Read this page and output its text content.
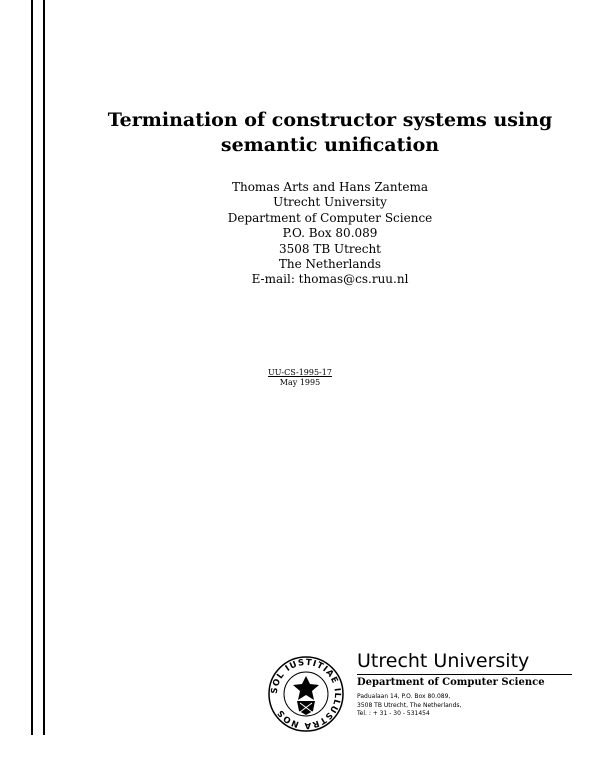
Termination of constructor systems using
semantic unification
Thomas Arts and Hans Zantema
Utrecht University
Department of Computer Science
P.O. Box 80.089
3508 TB Utrecht
The Netherlands
E-mail: thomas@cs.ruu.nl
UU-CS-1995-17
May 1995
SOL IUSTITIAE ILLUSTRA NOS
Utrecht University
Department of Computer Science
Padualaan 14, P.O. Box 80.089,
3508 TB Utrecht, The Netherlands,
Tel. : + 31 - 30 - 531454
